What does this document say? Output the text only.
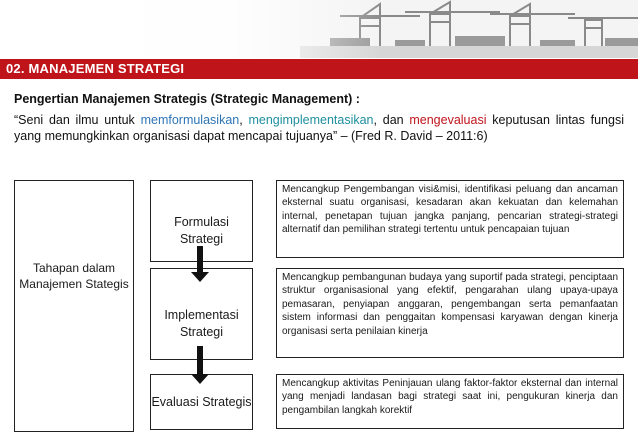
02. MANAJEMEN STRATEGI
Pengertian Manajemen Strategis (Strategic Management) :
“Seni dan ilmu untuk memformulasikan, mengimplementasikan, dan mengevaluasi keputusan lintas fungsi yang memungkinkan organisasi dapat mencapai tujuanya” – (Fred R. David – 2011:6)
Tahapan dalam Manajemen Stategis
Formulasi Strategi
Implementasi Strategi
Evaluasi Strategis
Mencangkup Pengembangan visi&misi, identifikasi peluang dan ancaman eksternal suatu organisasi, kesadaran akan kekuatan dan kelemahan internal, penetapan tujuan jangka panjang, pencarian strategi-strategi alternatif dan pemilihan strategi tertentu untuk pencapaian tujuan
Mencangkup pembangunan budaya yang suportif pada strategi, penciptaan struktur organisasional yang efektif, pengarahan ulang upaya-upaya pemasaran, penyiapan anggaran, pengembangan serta pemanfaatan sistem informasi dan penggaitan kompensasi karyawan dengan kinerja organisasi serta penilaian kinerja
Mencangkup aktivitas Peninjauan ulang faktor-faktor eksternal dan internal yang menjadi landasan bagi strategi saat ini, pengukuran kinerja dan pengambilan langkah korektif
